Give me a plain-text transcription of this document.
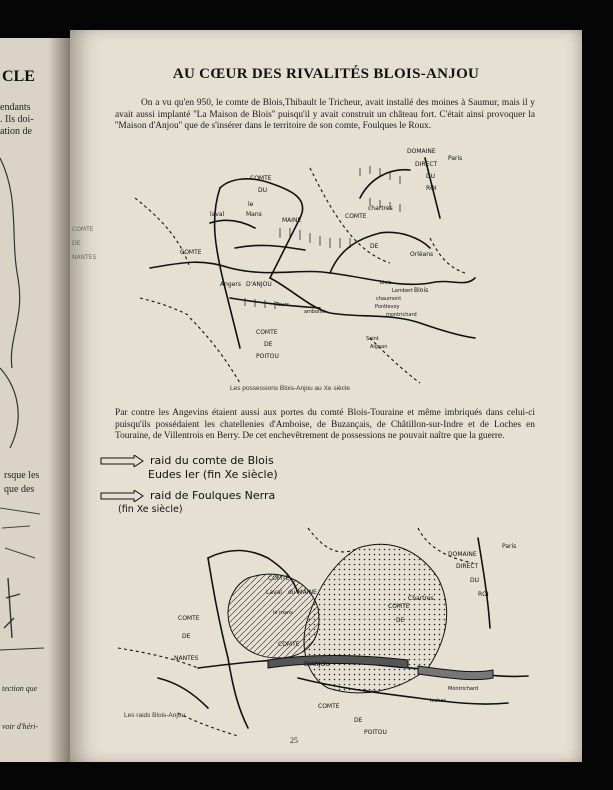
CLE
endants
. Ils doi-
ation de
rsque les
que des
tection que
voir d'héri-
AU CŒUR DES RIVALITÉS BLOIS-ANJOU
On a vu qu'en 950, le comte de Blois,Thibault le Tricheur, avait installé des moines à Saumur, mais il y avait aussi implanté ''La Maison de Blois'' puisqu'il y avait construit un château fort. C'était ainsi provoquer la ''Maison d'Anjou'' que de s'insérer dans le territoire de son comte, Foulques le Roux.
COMTE
DE
NANTES
DOMAINE
DIRECT
DU
ROI
Paris
COMTE
DU
MAINE
le
Mans
laval
chartres
COMTE
DE
Orléans
COMTE
Angers D'ANJOU	blois
Lambert Blois
chaumont
Tours
amboise
Pontlevoy
montrichard
COMTE
DE
POITOU
Saint
Aignan
Les possessions Blois-Anjou au Xe siècle
Par contre les Angevins étaient aussi aux portes du comté Blois-Touraine et même imbriqués dans celui-ci puisqu'ils possédaient les chatellenies d'Amboise, de Buzançais, de Châtillon-sur-Indre et de Loches en Touraine, de Villentrois en Berry. De cet enchevêtrement de possessions ne pouvait naître que la guerre.
raid du comte de Blois
Eudes Ier (fin Xe siècle)
raid de Foulques Nerra
(fin Xe siècle)
DOMAINE
DIRECT
DU
ROI
Paris
COMTE
Laval du MAINE
le mans
Chartres
COMTE
DE
NANTES
COMTE
D'ANJOU
COMTE
DE
Tours	Montrichard
loches
COMTE
DE
POITOU
Les raids Blois-Anjou
25
